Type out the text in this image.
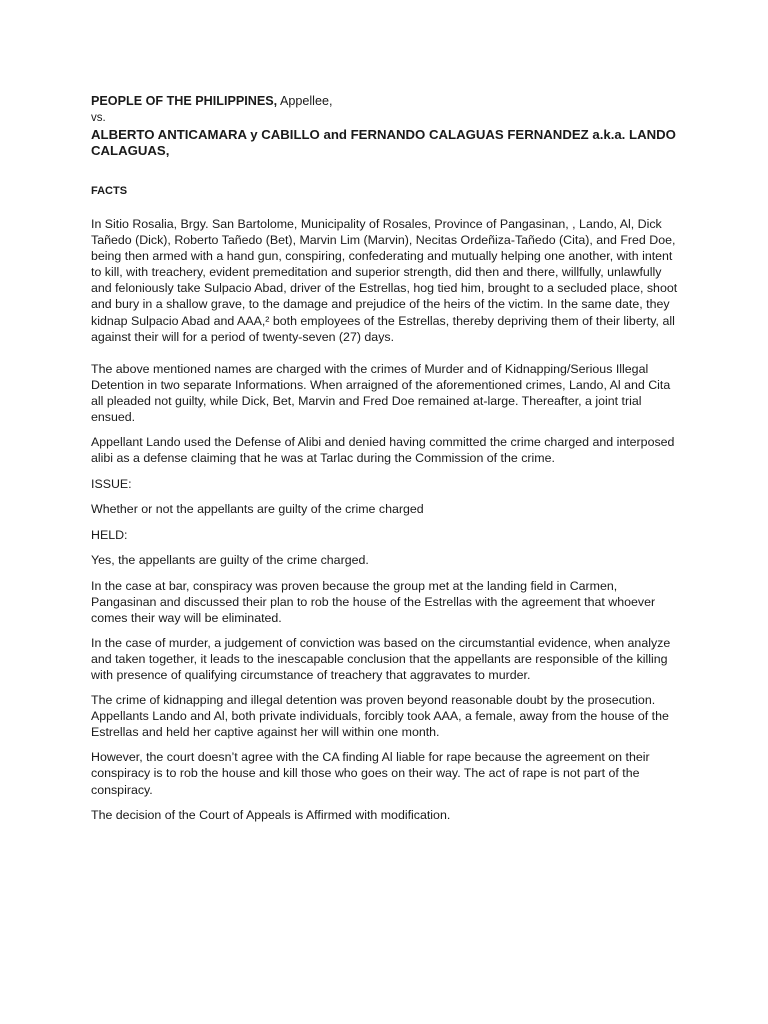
PEOPLE OF THE PHILIPPINES, Appellee,

vs.

ALBERTO ANTICAMARA y CABILLO and FERNANDO CALAGUAS FERNANDEZ a.k.a. LANDO CALAGUAS,

FACTS

In Sitio Rosalia, Brgy. San Bartolome, Municipality of Rosales, Province of Pangasinan, , Lando, Al, Dick Tañedo (Dick), Roberto Tañedo (Bet), Marvin Lim (Marvin), Necitas Ordeñiza-Tañedo (Cita), and Fred Doe, being then armed with a hand gun, conspiring, confederating and mutually helping one another, with intent to kill, with treachery, evident premeditation and superior strength, did then and there, willfully, unlawfully and feloniously take Sulpacio Abad, driver of the Estrellas, hog tied him, brought to a secluded place, shoot and bury in a shallow grave, to the damage and prejudice of the heirs of the victim. In the same date, they kidnap Sulpacio Abad and AAA,² both employees of the Estrellas, thereby depriving them of their liberty, all against their will for a period of twenty-seven (27) days.

The above mentioned names are charged with the crimes of Murder and of Kidnapping/Serious Illegal Detention in two separate Informations. When arraigned of the aforementioned crimes, Lando, Al and Cita all pleaded not guilty, while Dick, Bet, Marvin and Fred Doe remained at-large. Thereafter, a joint trial ensued.

Appellant Lando used the Defense of Alibi and denied having committed the crime charged and interposed alibi as a defense claiming that he was at Tarlac during the Commission of the crime.

ISSUE:

Whether or not the appellants are guilty of the crime charged

HELD:

Yes, the appellants are guilty of the crime charged.

In the case at bar, conspiracy was proven because the group met at the landing field in Carmen, Pangasinan and discussed their plan to rob the house of the Estrellas with the agreement that whoever comes their way will be eliminated.

In the case of murder, a judgement of conviction was based on the circumstantial evidence, when analyze and taken together, it leads to the inescapable conclusion that the appellants are responsible of the killing with presence of qualifying circumstance of treachery that aggravates to murder.

The crime of kidnapping and illegal detention was proven beyond reasonable doubt by the prosecution. Appellants Lando and Al, both private individuals, forcibly took AAA, a female, away from the house of the Estrellas and held her captive against her will within one month.

However, the court doesn’t agree with the CA finding Al liable for rape because the agreement on their conspiracy is to rob the house and kill those who goes on their way. The act of rape is not part of the conspiracy.

The decision of the Court of Appeals is Affirmed with modification.
